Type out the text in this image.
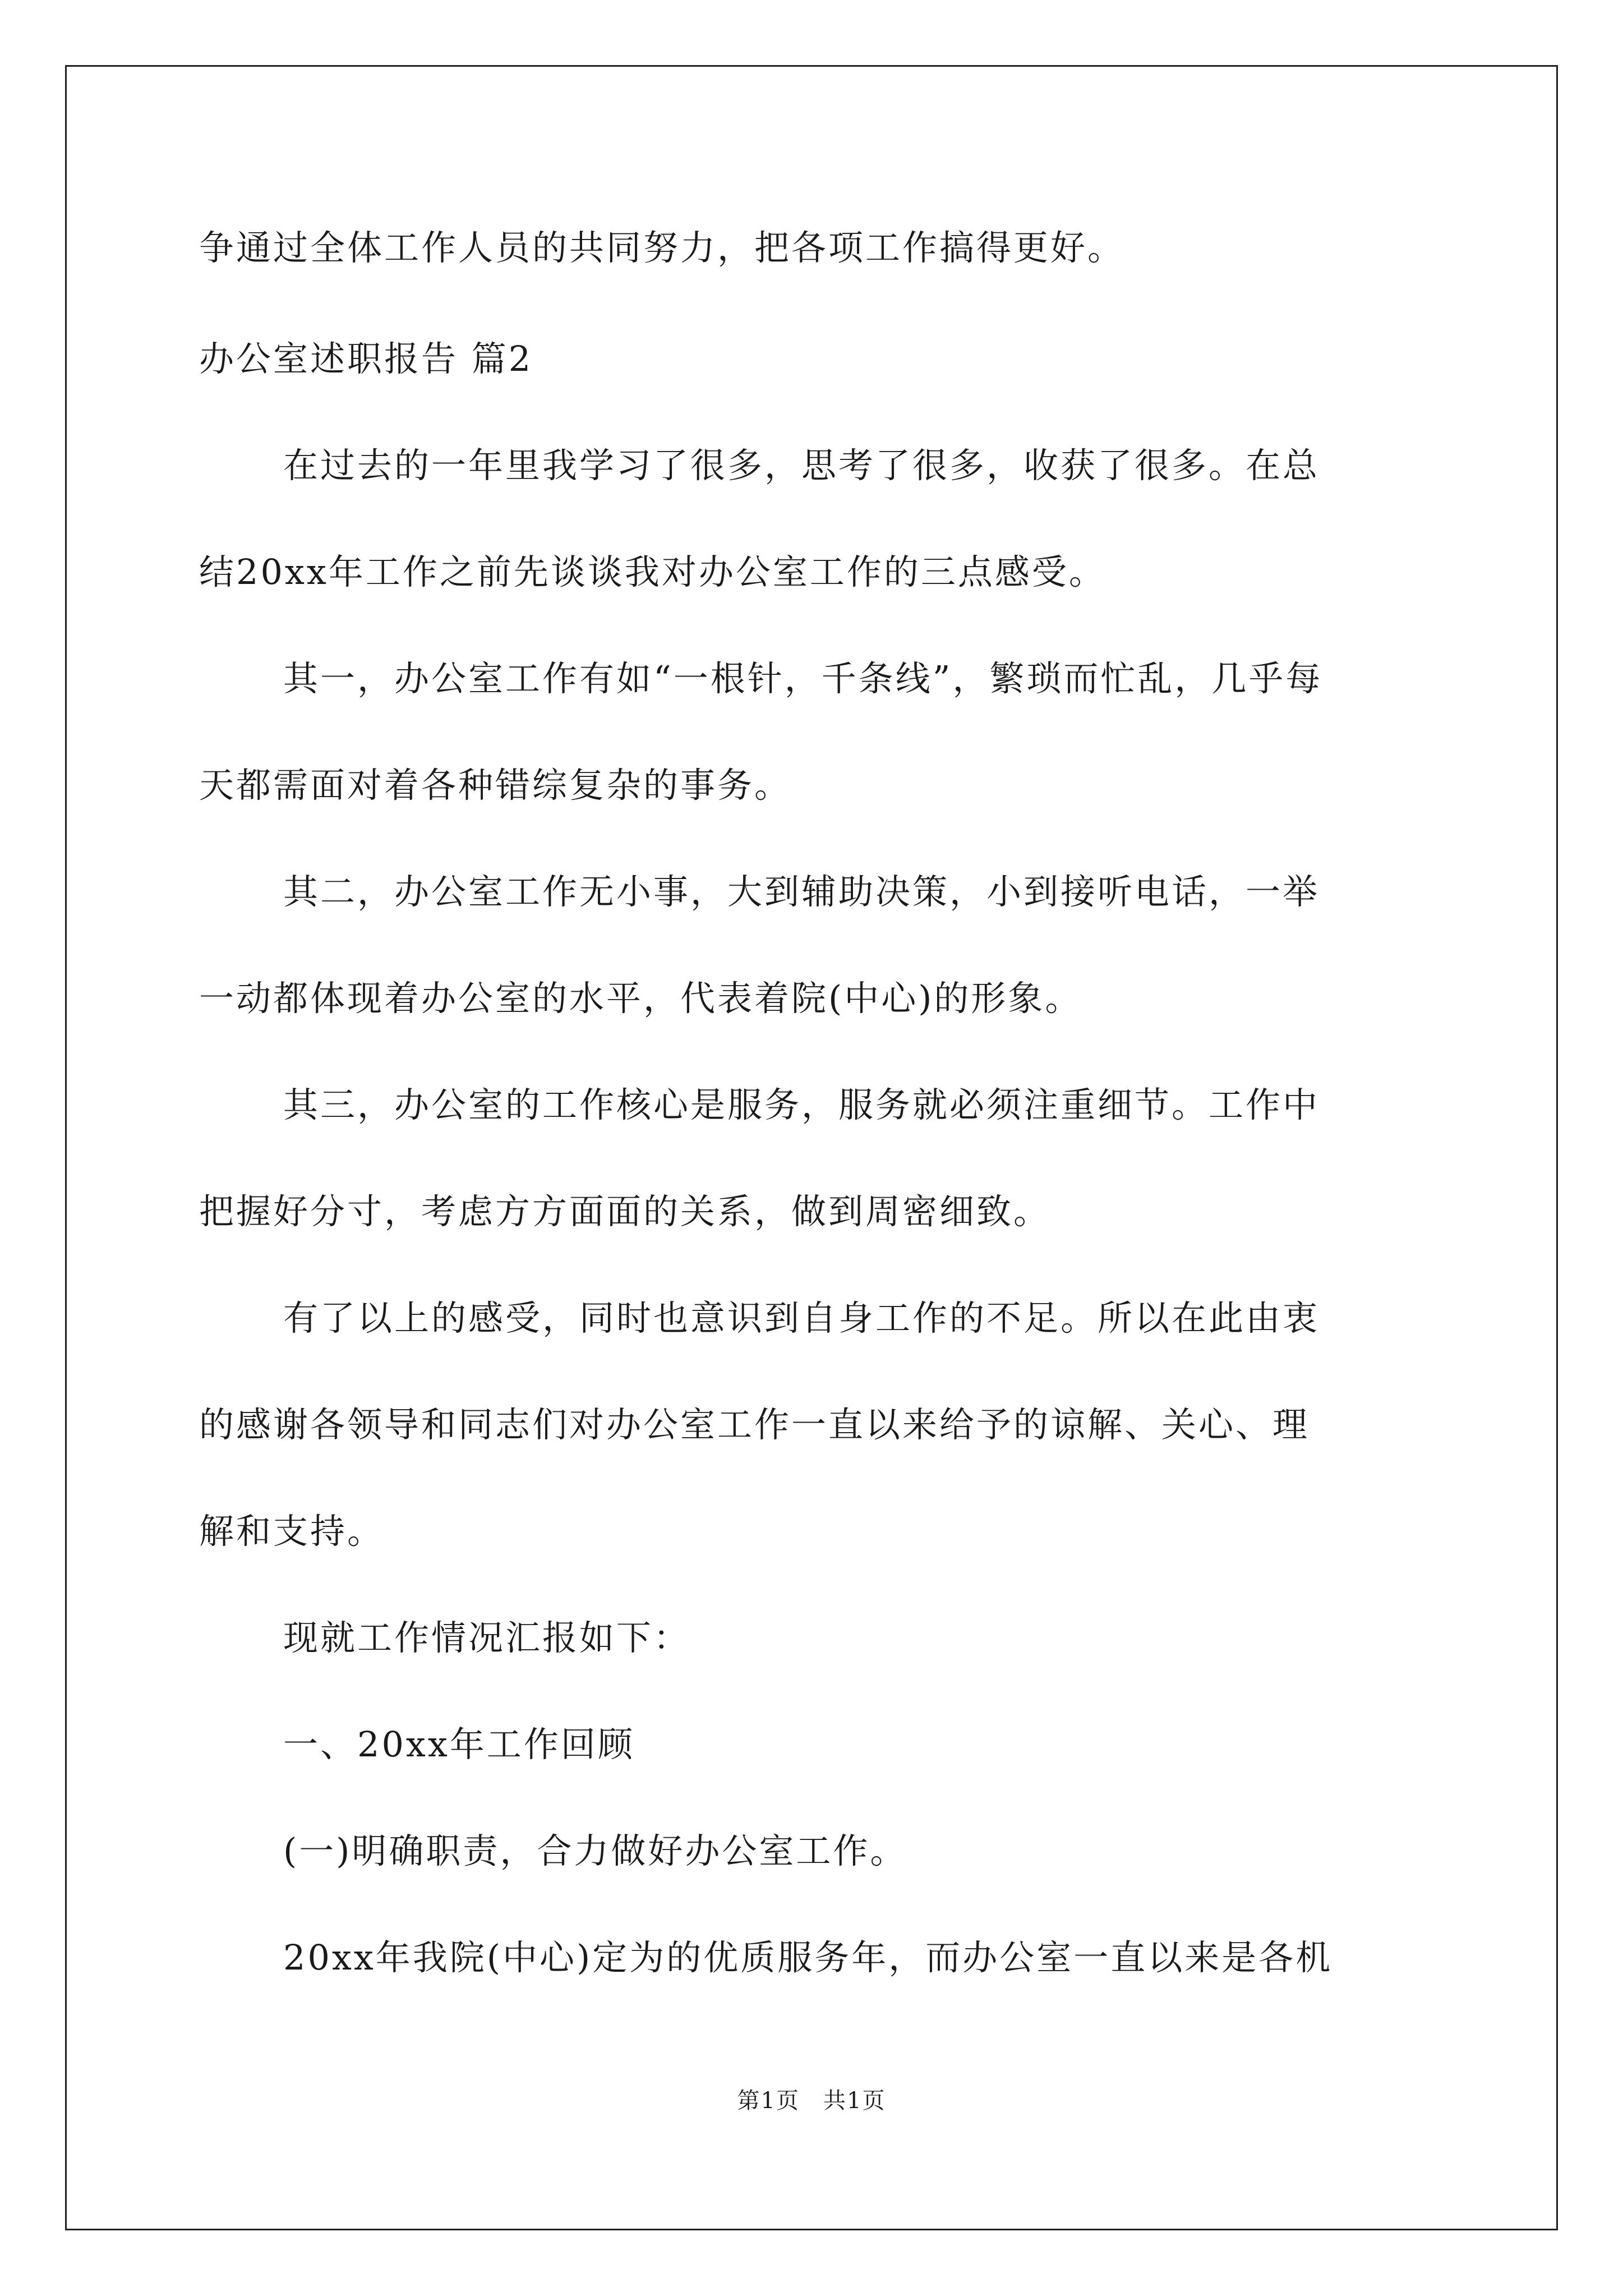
争通过全体工作人员的共同努力，把各项工作搞得更好。
办公室述职报告 篇2
在过去的一年里我学习了很多，思考了很多，收获了很多。在总
结20xx年工作之前先谈谈我对办公室工作的三点感受。
其一，办公室工作有如“一根针，千条线”，繁琐而忙乱，几乎每
天都需面对着各种错综复杂的事务。
其二，办公室工作无小事，大到辅助决策，小到接听电话，一举
一动都体现着办公室的水平，代表着院(中心)的形象。
其三，办公室的工作核心是服务，服务就必须注重细节。工作中
把握好分寸，考虑方方面面的关系，做到周密细致。
有了以上的感受，同时也意识到自身工作的不足。所以在此由衷
的感谢各领导和同志们对办公室工作一直以来给予的谅解、关心、理
解和支持。
现就工作情况汇报如下：
一、20xx年工作回顾
(一)明确职责，合力做好办公室工作。
20xx年我院(中心)定为的优质服务年，而办公室一直以来是各机
第1页　共1页
